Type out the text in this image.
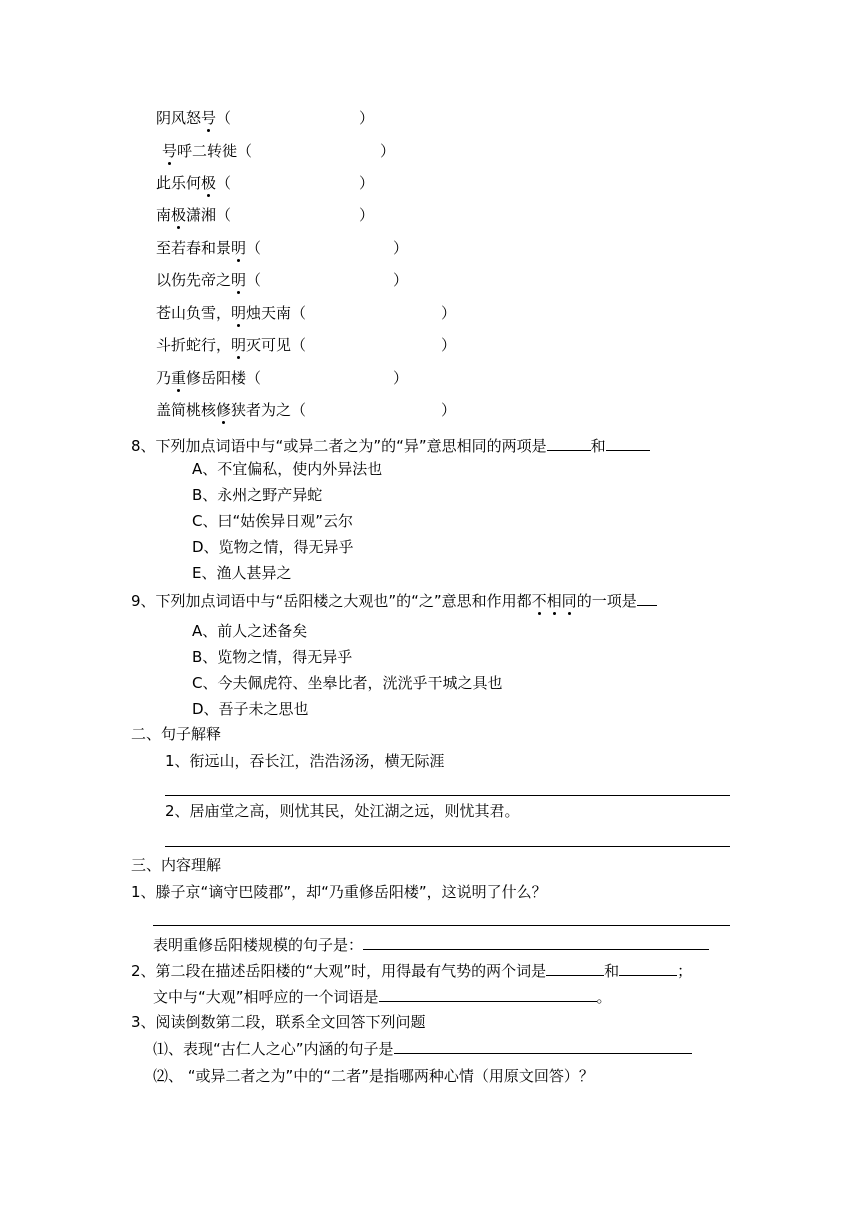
阴风怒号（	）
号呼二转徙（	）
此乐何极（	）
南极潇湘（	）
至若春和景明（	）
以伤先帝之明（	）
苍山负雪，明烛天南（	）
斗折蛇行，明灭可见（	）
乃重修岳阳楼（	）
盖简桃核修狭者为之（	）
8、下列加点词语中与“或异二者之为”的“异”意思相同的两项是	和
A、不宜偏私，使内外异法也
B、永州之野产异蛇
C、曰“姑俟异日观”云尔
D、览物之情，得无异乎
E、渔人甚异之
9、下列加点词语中与“岳阳楼之大观也”的“之”意思和作用都不相同的一项是
A、前人之述备矣
B、览物之情，得无异乎
C、今夫佩虎符、坐皋比者，洸洸乎干城之具也
D、吾子未之思也
二、句子解释
1、衔远山，吞长江，浩浩汤汤，横无际涯
2、居庙堂之高，则忧其民，处江湖之远，则忧其君。
三、内容理解
1、滕子京“谪守巴陵郡”，却“乃重修岳阳楼”，这说明了什么？
表明重修岳阳楼规模的句子是：
2、第二段在描述岳阳楼的“大观”时，用得最有气势的两个词是	和	；
文中与“大观”相呼应的一个词语是	。
3、阅读倒数第二段，联系全文回答下列问题
⑴、表现“古仁人之心”内涵的句子是
⑵、 “或异二者之为”中的“二者”是指哪两种心情（用原文回答）？
